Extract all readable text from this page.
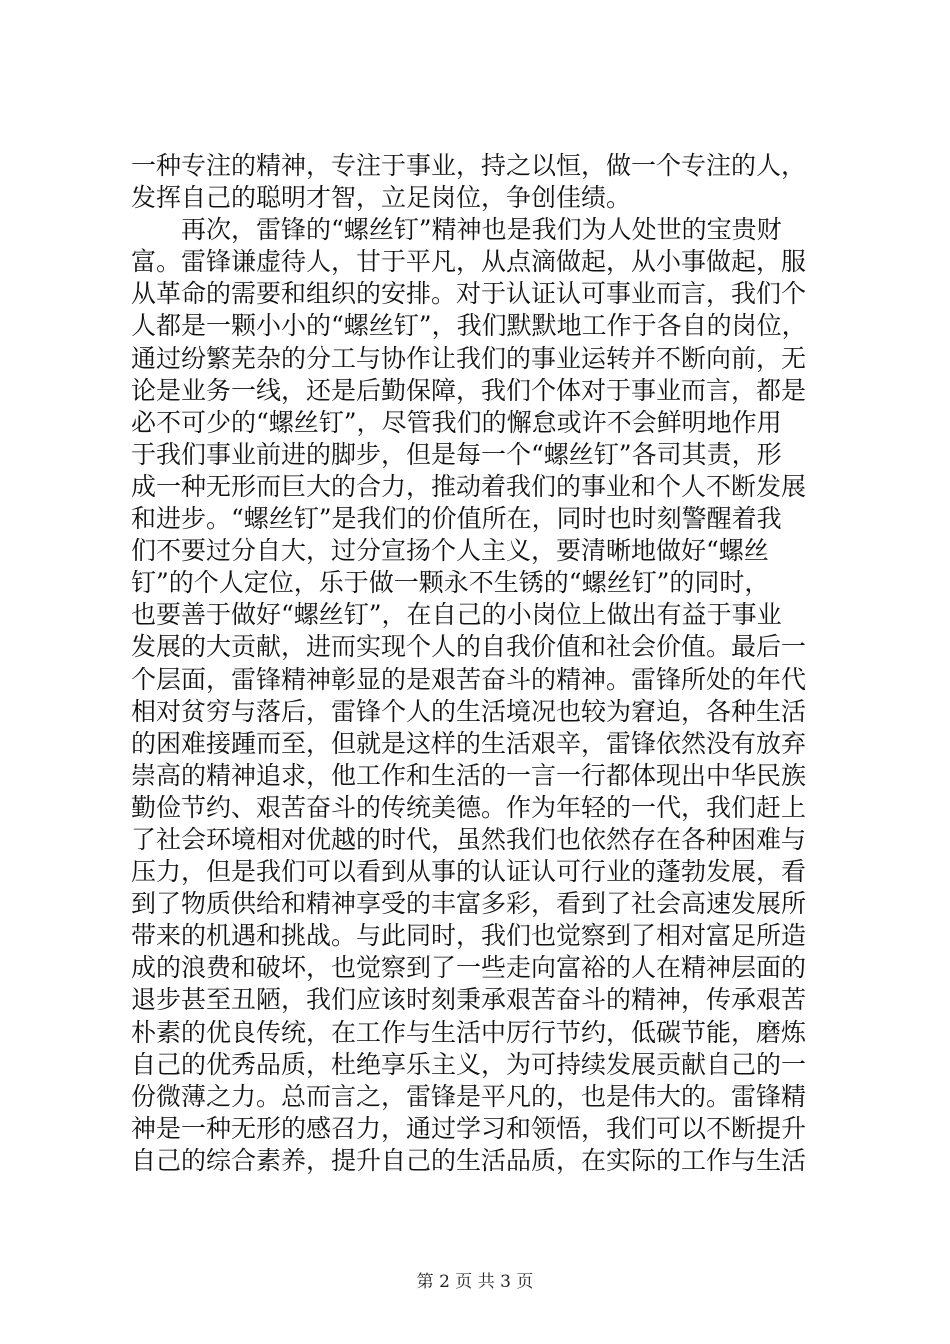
一种专注的精神，专注于事业，持之以恒，做一个专注的人，
发挥自己的聪明才智，立足岗位，争创佳绩。
再次，雷锋的“螺丝钉”精神也是我们为人处世的宝贵财
富。雷锋谦虚待人，甘于平凡，从点滴做起，从小事做起，服
从革命的需要和组织的安排。对于认证认可事业而言，我们个
人都是一颗小小的“螺丝钉”，我们默默地工作于各自的岗位，
通过纷繁芜杂的分工与协作让我们的事业运转并不断向前，无
论是业务一线，还是后勤保障，我们个体对于事业而言，都是
必不可少的“螺丝钉”，尽管我们的懈怠或许不会鲜明地作用
于我们事业前进的脚步，但是每一个“螺丝钉”各司其责，形
成一种无形而巨大的合力，推动着我们的事业和个人不断发展
和进步。“螺丝钉”是我们的价值所在，同时也时刻警醒着我
们不要过分自大，过分宣扬个人主义，要清晰地做好“螺丝
钉”的个人定位，乐于做一颗永不生锈的“螺丝钉”的同时，
也要善于做好“螺丝钉”，在自己的小岗位上做出有益于事业
发展的大贡献，进而实现个人的自我价值和社会价值。最后一
个层面，雷锋精神彰显的是艰苦奋斗的精神。雷锋所处的年代
相对贫穷与落后，雷锋个人的生活境况也较为窘迫，各种生活
的困难接踵而至，但就是这样的生活艰辛，雷锋依然没有放弃
崇高的精神追求，他工作和生活的一言一行都体现出中华民族
勤俭节约、艰苦奋斗的传统美德。作为年轻的一代，我们赶上
了社会环境相对优越的时代，虽然我们也依然存在各种困难与
压力，但是我们可以看到从事的认证认可行业的蓬勃发展，看
到了物质供给和精神享受的丰富多彩，看到了社会高速发展所
带来的机遇和挑战。与此同时，我们也觉察到了相对富足所造
成的浪费和破坏，也觉察到了一些走向富裕的人在精神层面的
退步甚至丑陋，我们应该时刻秉承艰苦奋斗的精神，传承艰苦
朴素的优良传统，在工作与生活中厉行节约，低碳节能，磨炼
自己的优秀品质，杜绝享乐主义，为可持续发展贡献自己的一
份微薄之力。总而言之，雷锋是平凡的，也是伟大的。雷锋精
神是一种无形的感召力，通过学习和领悟，我们可以不断提升
自己的综合素养，提升自己的生活品质，在实际的工作与生活
第 2 页 共 3 页
